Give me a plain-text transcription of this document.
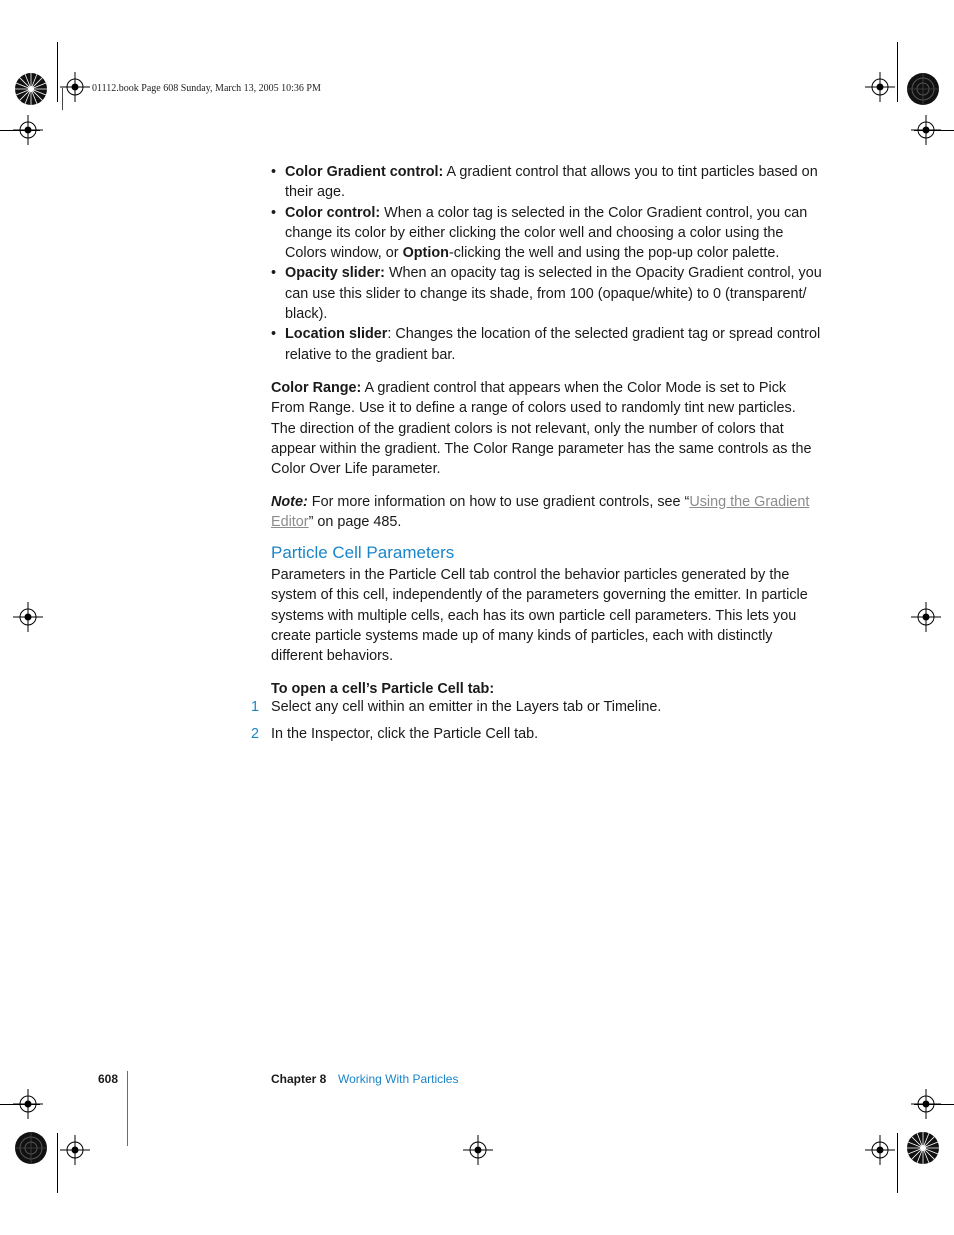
01112.book Page 608 Sunday, March 13, 2005 10:36 PM
• Color Gradient control: A gradient control that allows you to tint particles based on their age.
• Color control: When a color tag is selected in the Color Gradient control, you can change its color by either clicking the color well and choosing a color using the Colors window, or Option-clicking the well and using the pop-up color palette.
• Opacity slider: When an opacity tag is selected in the Opacity Gradient control, you can use this slider to change its shade, from 100 (opaque/white) to 0 (transparent/ black).
• Location slider: Changes the location of the selected gradient tag or spread control relative to the gradient bar.

Color Range: A gradient control that appears when the Color Mode is set to Pick From Range. Use it to define a range of colors used to randomly tint new particles. The direction of the gradient colors is not relevant, only the number of colors that appear within the gradient. The Color Range parameter has the same controls as the Color Over Life parameter.

Note: For more information on how to use gradient controls, see “Using the Gradient Editor” on page 485.

Particle Cell Parameters

Parameters in the Particle Cell tab control the behavior particles generated by the system of this cell, independently of the parameters governing the emitter. In particle systems with multiple cells, each has its own particle cell parameters. This lets you create particle systems made up of many kinds of particles, each with distinctly different behaviors.

To open a cell’s Particle Cell tab:
1 Select any cell within an emitter in the Layers tab or Timeline.
2 In the Inspector, click the Particle Cell tab.
608	Chapter 8 Working With Particles
